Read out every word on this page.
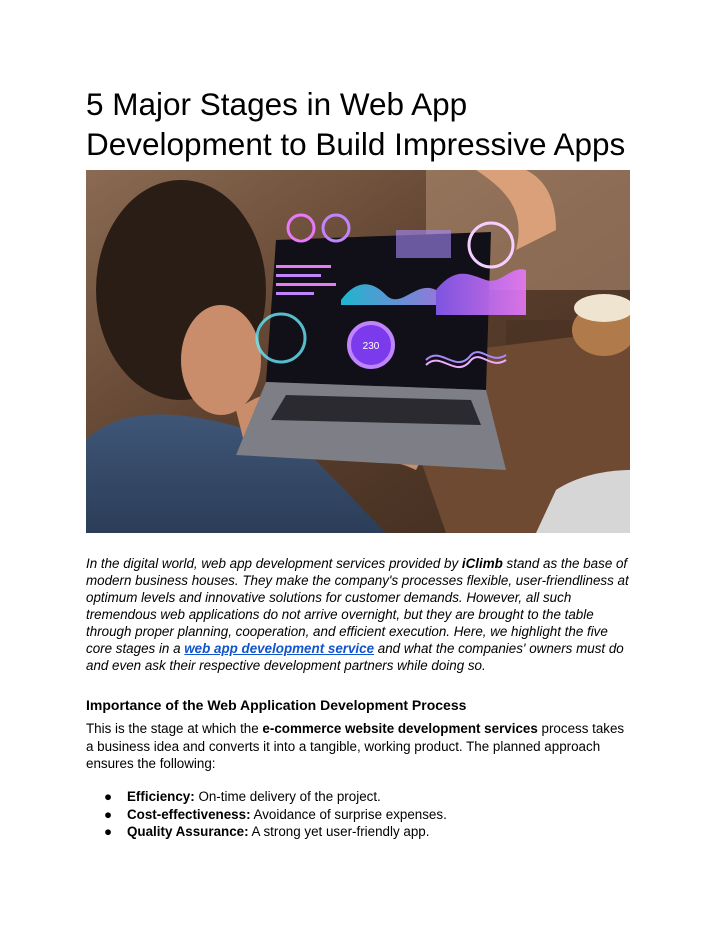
5 Major Stages in Web App Development to Build Impressive Apps
230

In the digital world, web app development services provided by iClimb stand as the base of modern business houses. They make the company's processes flexible, user-friendliness at optimum levels and innovative solutions for customer demands. However, all such tremendous web applications do not arrive overnight, but they are brought to the table through proper planning, cooperation, and efficient execution. Here, we highlight the five core stages in a web app development service and what the companies' owners must do and even ask their respective development partners while doing so.

Importance of the Web Application Development Process

This is the stage at which the e-commerce website development services process takes a business idea and converts it into a tangible, working product. The planned approach ensures the following:

● Efficiency: On-time delivery of the project.
● Cost-effectiveness: Avoidance of surprise expenses.
● Quality Assurance: A strong yet user-friendly app.
